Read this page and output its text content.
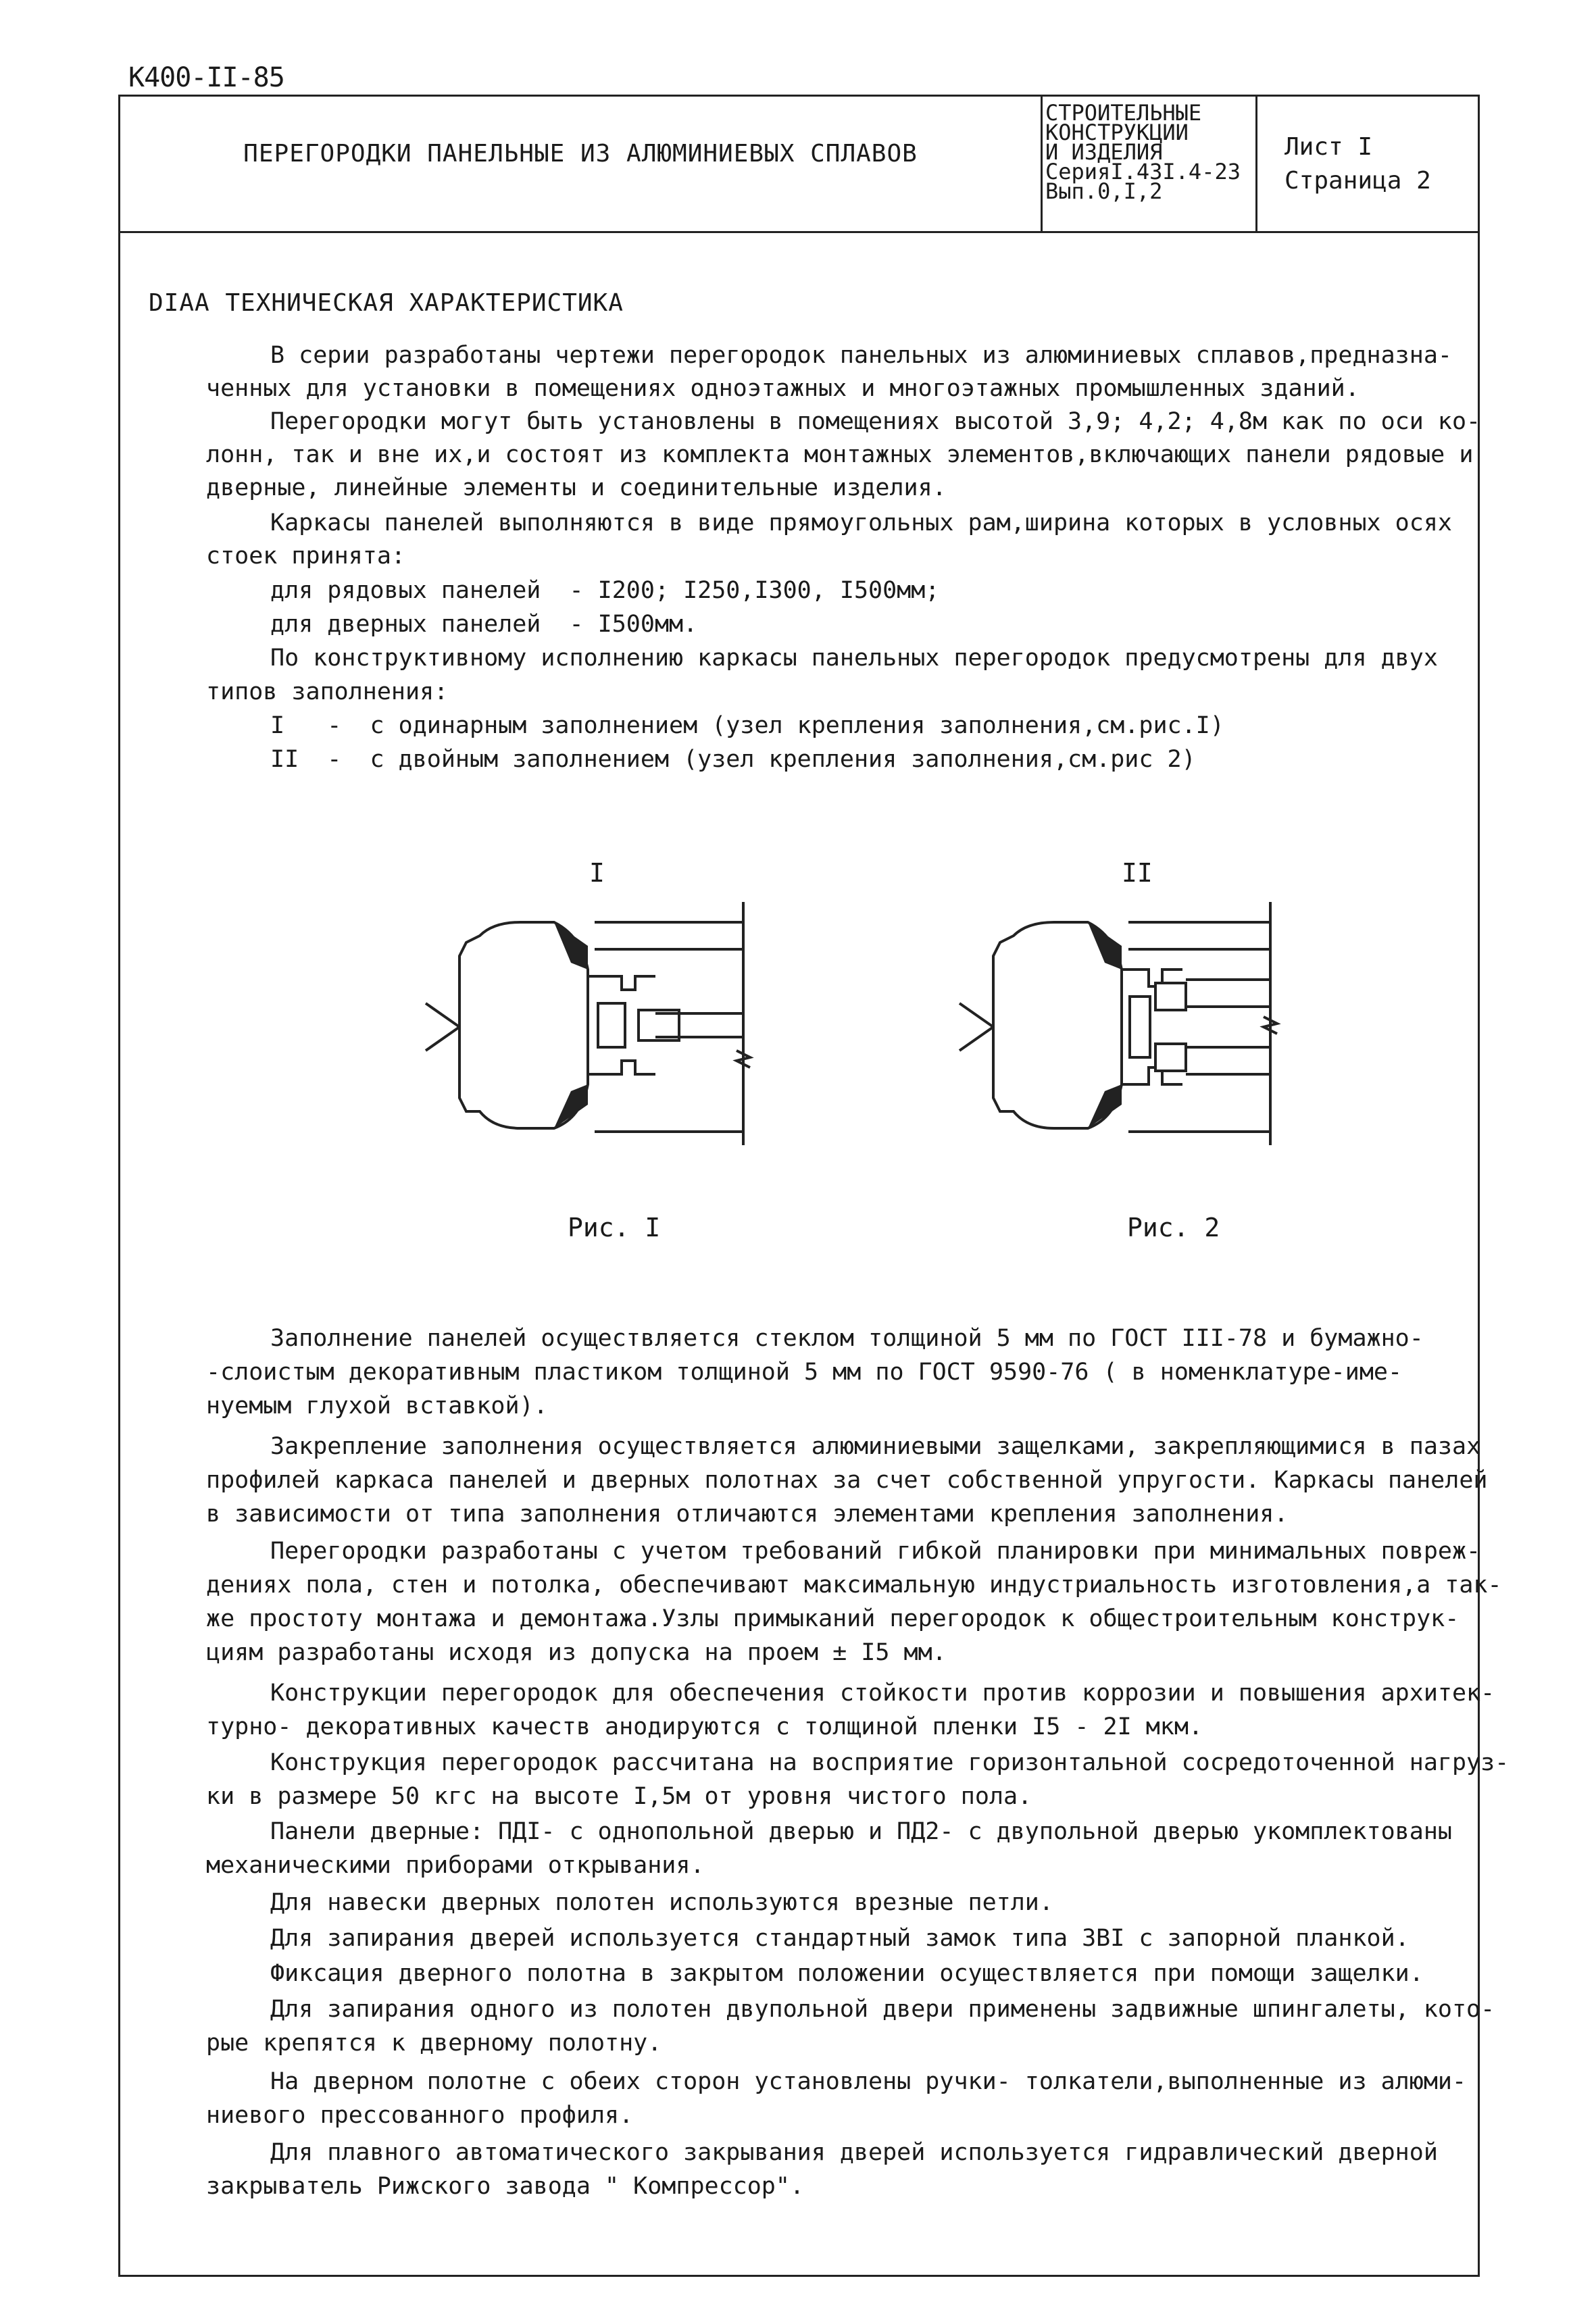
К400-II-85
ПЕРЕГОРОДКИ ПАНЕЛЬНЫЕ ИЗ АЛЮМИНИЕВЫХ СПЛАВОВ
СТРОИТЕЛЬНЫЕ
КОНСТРУКЦИИ
И ИЗДЕЛИЯ
СерияI.43I.4-23
Вып.0,I,2
Лист I
Страница 2
DIAA ТЕХНИЧЕСКАЯ ХАРАКТЕРИСТИКА
В серии разработаны чертежи перегородок панельных из алюминиевых сплавов,предназна-
ченных для установки в помещениях одноэтажных и многоэтажных промышленных зданий.
Перегородки могут быть установлены в помещениях высотой 3,9; 4,2; 4,8м как по оси ко-
лонн, так и вне их,и состоят из комплекта монтажных элементов,включающих панели рядовые и
дверные, линейные элементы и соединительные изделия.
Каркасы панелей выполняются в виде прямоугольных рам,ширина которых в условных осях
стоек принята:
для рядовых панелей  - I200; I250,I300, I500мм;
для дверных панелей  - I500мм.
По конструктивному исполнению каркасы панельных перегородок предусмотрены для двух
типов заполнения:
I   -  с одинарным заполнением (узел крепления заполнения,см.рис.I)
II  -  с двойным заполнением (узел крепления заполнения,см.рис 2)
I	II
Рис. I	Рис. 2
Заполнение панелей осуществляется стеклом толщиной 5 мм по ГОСТ III-78 и бумажно-
-слоистым декоративным пластиком толщиной 5 мм по ГОСТ 9590-76 ( в номенклатуре-име-
нуемым глухой вставкой).
Закрепление заполнения осуществляется алюминиевыми защелками, закрепляющимися в пазах
профилей каркаса панелей и дверных полотнах за счет собственной упругости. Каркасы панелей
в зависимости от типа заполнения отличаются элементами крепления заполнения.
Перегородки разработаны с учетом требований гибкой планировки при минимальных повреж-
дениях пола, стен и потолка, обеспечивают максимальную индустриальность изготовления,а так-
же простоту монтажа и демонтажа.Узлы примыканий перегородок к общестроительным конструк-
циям разработаны исходя из допуска на проем ± I5 мм.
Конструкции перегородок для обеспечения стойкости против коррозии и повышения архитек-
турно- декоративных качеств анодируются с толщиной пленки I5 - 2I мкм.
Конструкция перегородок рассчитана на восприятие горизонтальной сосредоточенной нагруз-
ки в размере 50 кгс на высоте I,5м от уровня чистого пола.
Панели дверные: ПДI- с однопольной дверью и ПД2- с двупольной дверью укомплектованы
механическими приборами открывания.
Для навески дверных полотен используются врезные петли.
Для запирания дверей используется стандартный замок типа ЗВI с запорной планкой.
Фиксация дверного полотна в закрытом положении осуществляется при помощи защелки.
Для запирания одного из полотен двупольной двери применены задвижные шпингалеты, кото-
рые крепятся к дверному полотну.
На дверном полотне с обеих сторон установлены ручки- толкатели,выполненные из алюми-
ниевого прессованного профиля.
Для плавного автоматического закрывания дверей используется гидравлический дверной
закрыватель Рижского завода " Компрессор".
